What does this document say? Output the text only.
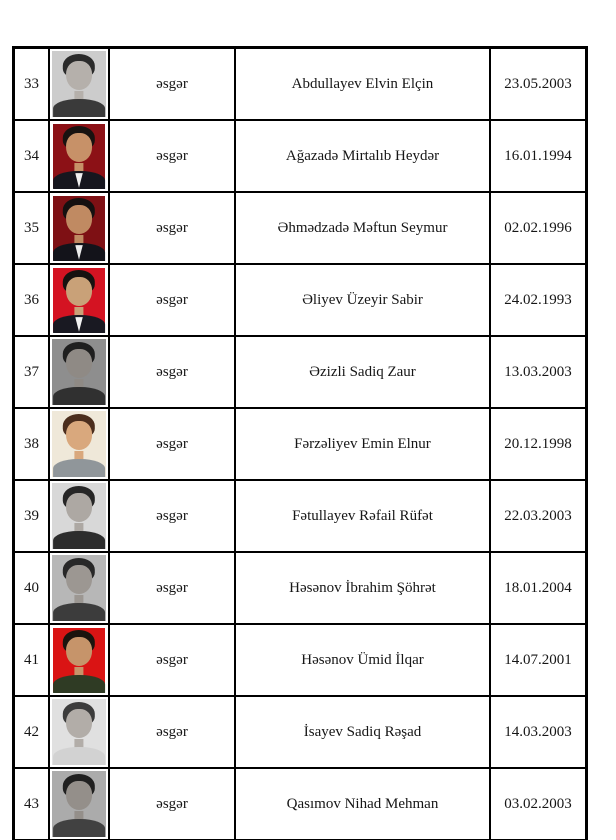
33		əsgər	Abdullayev Elvin Elçin	23.05.2003
34		əsgər	Ağazadə Mirtalıb Heydər	16.01.1994
35		əsgər	Əhmədzadə Məftun Seymur	02.02.1996
36		əsgər	Əliyev Üzeyir Sabir	24.02.1993
37		əsgər	Əzizli Sadiq Zaur	13.03.2003
38		əsgər	Fərzəliyev Emin Elnur	20.12.1998
39		əsgər	Fətullayev Rəfail Rüfət	22.03.2003
40		əsgər	Həsənov İbrahim Şöhrət	18.01.2004
41		əsgər	Həsənov Ümid İlqar	14.07.2001
42		əsgər	İsayev Sadiq Rəşad	14.03.2003
43		əsgər	Qasımov Nihad Mehman	03.02.2003
